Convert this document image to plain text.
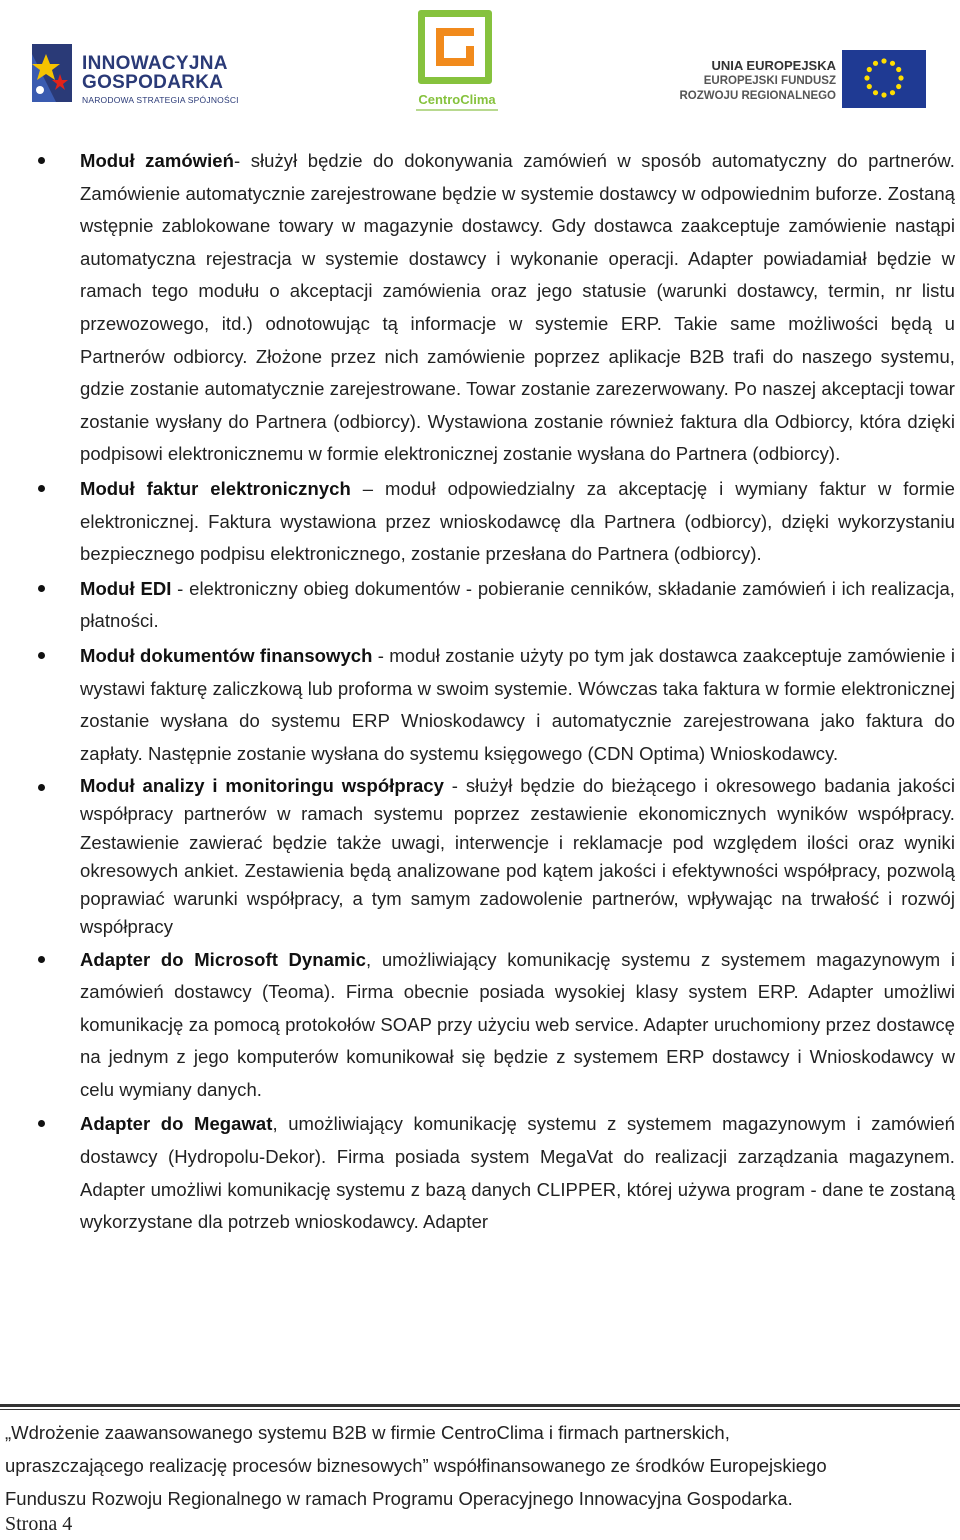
INNOWACYJNA
GOSPODARKA
NARODOWA STRATEGIA SPÓJNOŚCI	CentroClima
UNIA EUROPEJSKA
EUROPEJSKI FUNDUSZ
ROZWOJU REGIONALNEGO

Moduł zamówień- służył będzie do dokonywania zamówień w sposób automatyczny do partnerów. Zamówienie automatycznie zarejestrowane będzie w systemie dostawcy w odpowiednim buforze. Zostaną wstępnie zablokowane towary w magazynie dostawcy. Gdy dostawca zaakceptuje zamówienie nastąpi automatyczna rejestracja w systemie dostawcy i wykonanie operacji. Adapter powiadamiał będzie w ramach tego modułu o akceptacji zamówienia oraz jego statusie (warunki dostawcy, termin, nr listu przewozowego, itd.) odnotowując tą informacje w systemie ERP. Takie same możliwości będą u Partnerów odbiorcy. Złożone przez nich zamówienie poprzez aplikacje B2B trafi do naszego systemu, gdzie zostanie automatycznie zarejestrowane. Towar zostanie zarezerwowany. Po naszej akceptacji towar zostanie wysłany do Partnera (odbiorcy). Wystawiona zostanie również faktura dla Odbiorcy, która dzięki podpisowi elektronicznemu w formie elektronicznej zostanie wysłana do Partnera (odbiorcy).

Moduł faktur elektronicznych – moduł odpowiedzialny za akceptację i wymiany faktur w formie elektronicznej. Faktura wystawiona przez wnioskodawcę dla Partnera (odbiorcy), dzięki wykorzystaniu bezpiecznego podpisu elektronicznego, zostanie przesłana do Partnera (odbiorcy).

Moduł EDI - elektroniczny obieg dokumentów - pobieranie cenników, składanie zamówień i ich realizacja, płatności.

Moduł dokumentów finansowych - moduł zostanie użyty po tym jak dostawca zaakceptuje zamówienie i wystawi fakturę zaliczkową lub proforma w swoim systemie. Wówczas taka faktura w formie elektronicznej zostanie wysłana do systemu ERP Wnioskodawcy i automatycznie zarejestrowana jako faktura do zapłaty. Następnie zostanie wysłana do systemu księgowego (CDN Optima) Wnioskodawcy.

Moduł analizy i monitoringu współpracy - służył będzie do bieżącego i okresowego badania jakości współpracy partnerów w ramach systemu poprzez zestawienie ekonomicznych wyników współpracy. Zestawienie zawierać będzie także uwagi, interwencje i reklamacje pod względem ilości oraz wyniki okresowych ankiet. Zestawienia będą analizowane pod kątem jakości i efektywności współpracy, pozwolą poprawiać warunki współpracy, a tym samym zadowolenie partnerów, wpływając na trwałość i rozwój współpracy

Adapter do Microsoft Dynamic, umożliwiający komunikację systemu z systemem magazynowym i zamówień dostawcy (Teoma). Firma obecnie posiada wysokiej klasy system ERP. Adapter umożliwi komunikację za pomocą protokołów SOAP przy użyciu web service. Adapter uruchomiony przez dostawcę na jednym z jego komputerów komunikował się będzie z systemem ERP dostawcy i Wnioskodawcy w celu wymiany danych.

Adapter do Megawat, umożliwiający komunikację systemu z systemem magazynowym i zamówień dostawcy (Hydropolu-Dekor). Firma posiada system MegaVat do realizacji zarządzania magazynem. Adapter umożliwi komunikację systemu z bazą danych CLIPPER, której używa program - dane te zostaną wykorzystane dla potrzeb wnioskodawcy. Adapter

„Wdrożenie zaawansowanego systemu B2B w firmie CentroClima i firmach partnerskich,
upraszczającego realizację procesów biznesowych” współfinansowanego ze środków Europejskiego
Funduszu Rozwoju Regionalnego w ramach Programu Operacyjnego Innowacyjna Gospodarka.
Strona 4
